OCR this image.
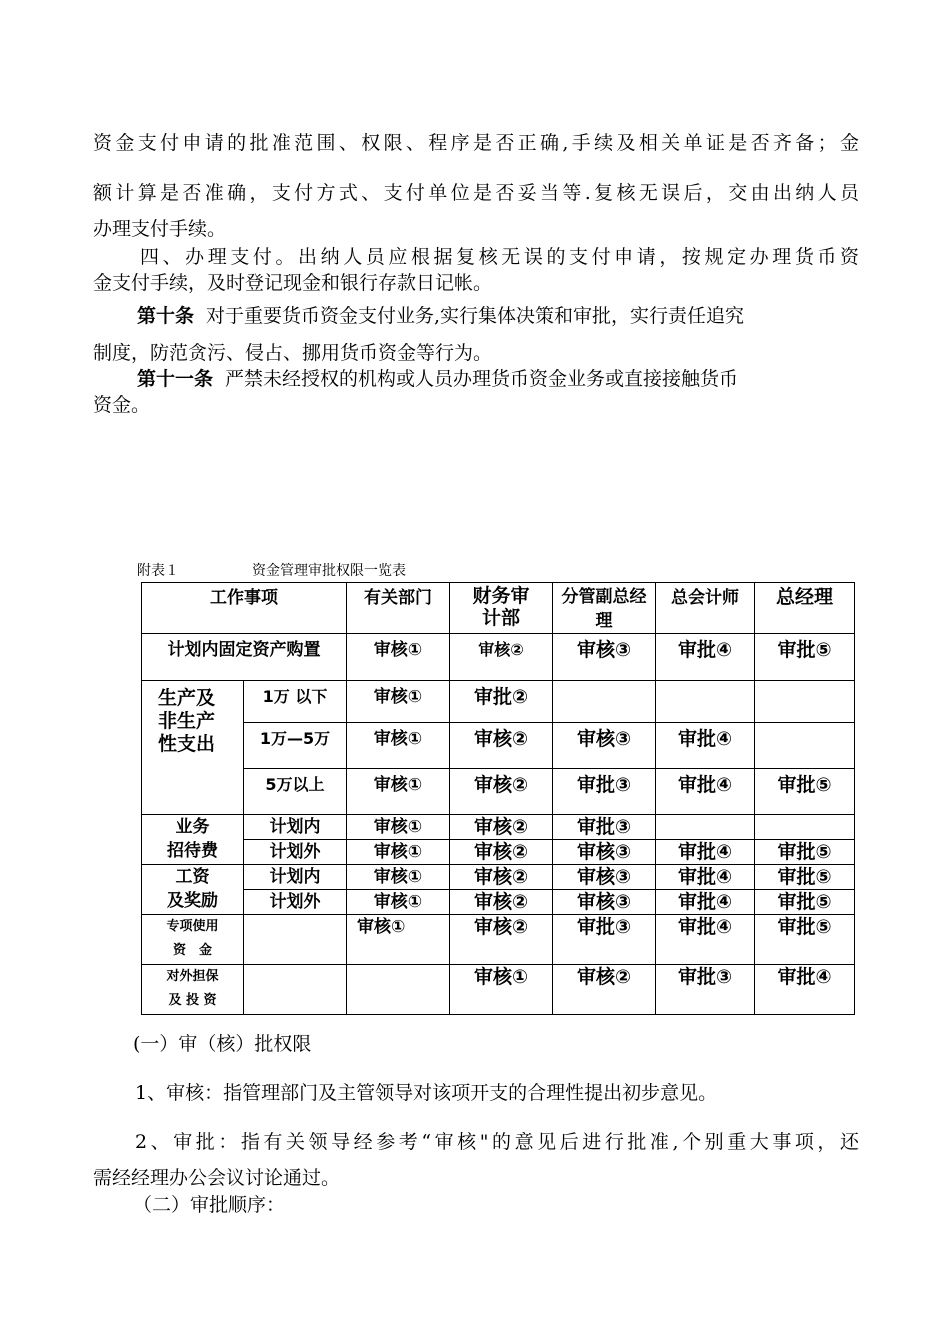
资金支付申请的批准范围、权限、程序是否正确,手续及相关单证是否齐备；金

额计算是否准确，支付方式、支付单位是否妥当等.复核无误后，交由出纳人员

办理支付手续。

四、办理支付。出纳人员应根据复核无误的支付申请，按规定办理货币资

金支付手续，及时登记现金和银行存款日记帐。

第十条 对于重要货币资金支付业务,实行集体决策和审批，实行责任追究

制度，防范贪污、侵占、挪用货币资金等行为。

第十一条 严禁未经授权的机构或人员办理货币资金业务或直接接触货币

资金。

附表１	资金管理审批权限一览表
工作事项		有关部门	财务审计部	分管副总经理	总会计师	总经理
计划内固定资产购置		审核①	审核②	审核③	审批④	审批⑤
生产及非生产性支出	1万 以下	审核①	审批②			
	1万—5万	审核①	审核②	审核③	审批④	
	5万以上	审核①	审核②	审批③	审批④	审批⑤

业务
招待费	计划内	审核①	审核②	审批③		
	计划外	审核①	审核②	审核③	审批④	审批⑤

工资
及奖励	计划内	审核①	审核②	审核③	审批④	审批⑤
	计划外	审核①	审核②	审核③	审批④	审批⑤

专项使用
资　金		审核①	审核②	审批③	审批④	审批⑤

对外担保
及 投 资			审核①	审核②	审批③	审批④

(一）审（核）批权限

1、审核：指管理部门及主管领导对该项开支的合理性提出初步意见。

2、审批：指有关领导经参考“审核"的意见后进行批准,个别重大事项，还

需经经理办公会议讨论通过。

（二）审批顺序：
